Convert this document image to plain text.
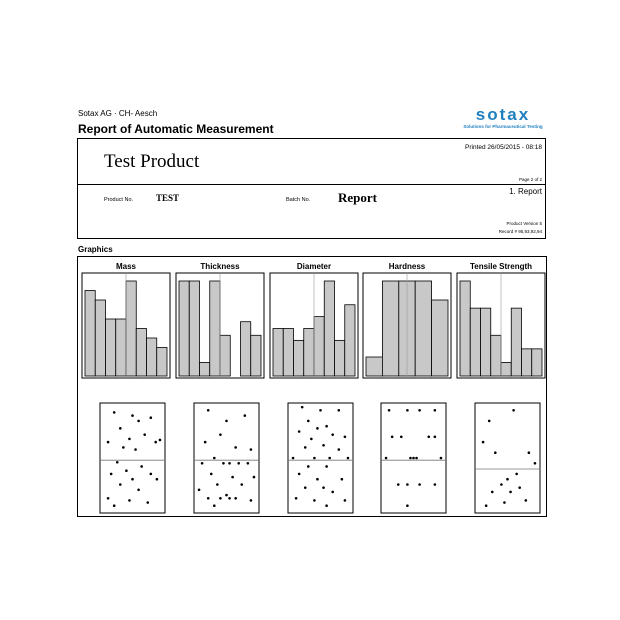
Sotax AG · CH- Aesch
Report of Automatic Measurement
sotax
Solutions for Pharmaceutical Testing
Printed 26/05/2015 - 08:18
Test Product
Page 2 of 2
1. Report
Product No.	TEST	Batch No. Report
Product Version 5
Record # 95,93,92,94
Graphics
Mass	Thickness	Diameter	Hardness	Tensile Strength
